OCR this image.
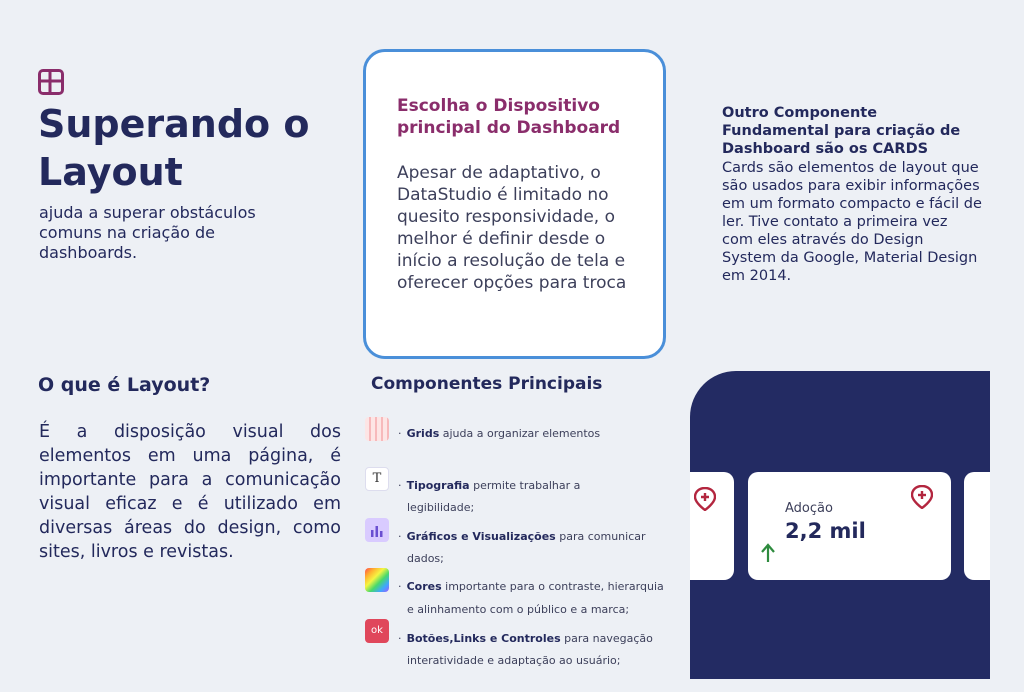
Superando o Layout
ajuda a superar obstáculos comuns na criação de dashboards.
Escolha o Dispositivo principal do Dashboard
Apesar de adaptativo, o DataStudio é limitado no quesito responsividade, o melhor é definir desde o início a resolução de tela e oferecer opções para troca
Outro Componente Fundamental para criação de Dashboard são os CARDS
Cards são elementos de layout que são usados para exibir informações em um formato compacto e fácil de ler. Tive contato a primeira vez com eles através do Design System da Google, Material Design em 2014.
O que é Layout?
É a disposição visual dos elementos em uma página, é importante para a comunicação visual eficaz e é utilizado em diversas áreas do design, como sites, livros e revistas.
Componentes Principais
T
ok
· Grids ajuda a organizar elementos
· Tipografia permite trabalhar a
legibilidade;
· Gráficos e Visualizações para comunicar
dados;
· Cores importante para o contraste, hierarquia
e alinhamento com o público e a marca;
· Botões,Links e Controles para navegação
interatividade e adaptação ao usuário;
Adoção
2,2 mil
